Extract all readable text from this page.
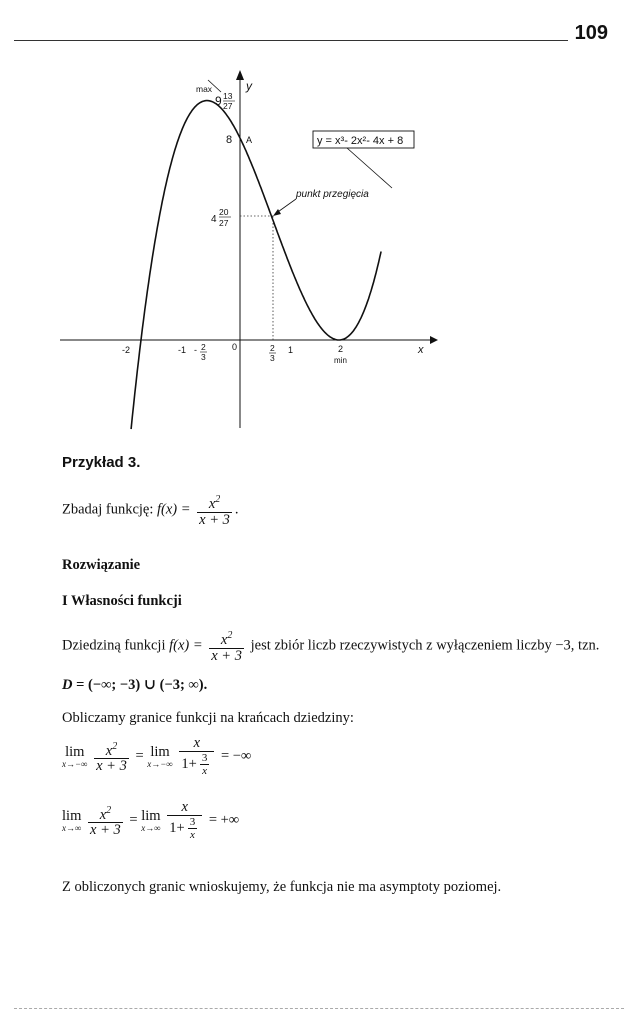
109
y
max
9 13
27
8 A	y = x³- 2x²- 4x + 8
punkt przegięcia
4
20
27
-2	-1 - 2
3
0	2
3
1	2
min
x
Przykład 3.
Zbadaj funkcję: $f(x) = \frac{x^2}{x + 3}$ .
Rozwiązanie
I Własności funkcji
Dziedziną funkcji $f(x) = \frac{x^2}{x + 3}$ jest zbiór liczb rzeczywistych z wyłączeniem liczby −3, tzn.
D = (−∞; −3) ∪ (−3; ∞).
Obliczamy granice funkcji na krańcach dziedziny:
lim
x→−∞
$\frac{x^2}{x + 3} = \lim$
x→−∞
$\frac{x}{1+ \frac{3}{x}}$ = −∞
lim
x→∞
$\frac{x^2}{x + 3} = \lim$
x→∞
$\frac{x}{1+ \frac{3}{x}}$ = +∞
Z obliczonych granic wnioskujemy, że funkcja nie ma asymptoty poziomej.
